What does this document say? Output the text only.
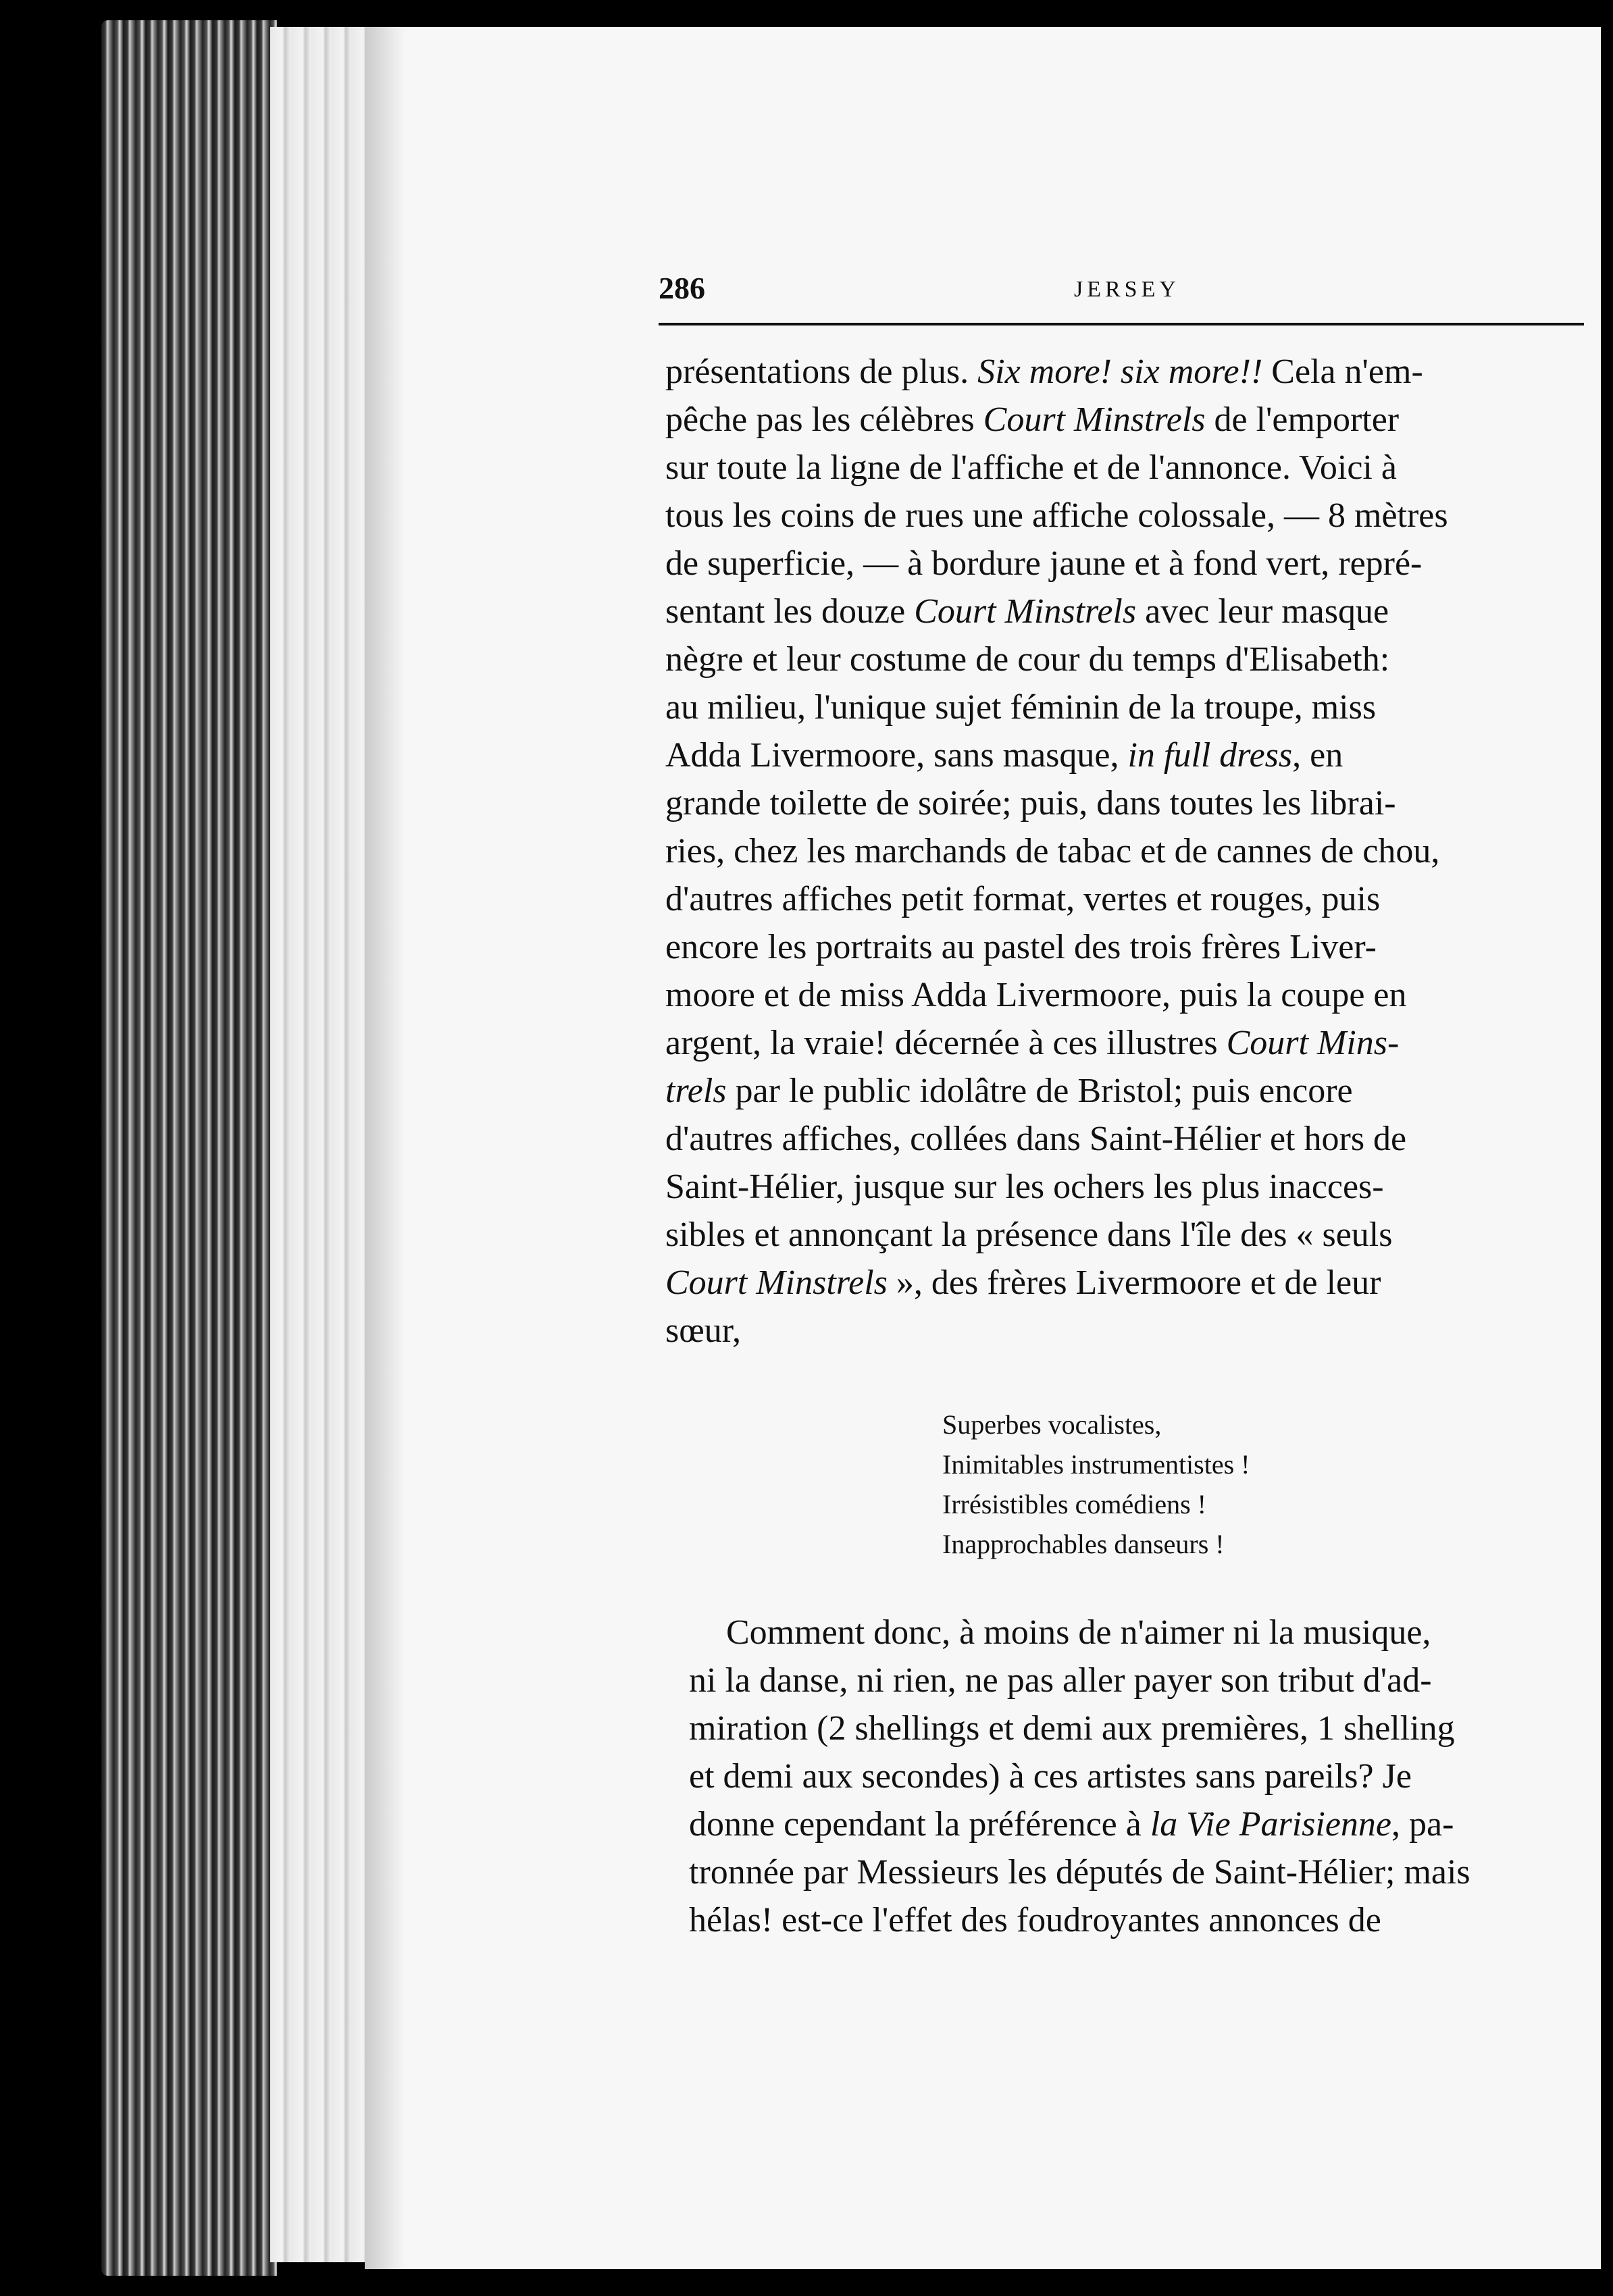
286	JERSEY
présentations de plus. Six more! six more!! Cela n'em-
pêche pas les célèbres Court Minstrels de l'emporter
sur toute la ligne de l'affiche et de l'annonce. Voici à
tous les coins de rues une affiche colossale, — 8 mètres
de superficie, — à bordure jaune et à fond vert, repré-
sentant les douze Court Minstrels avec leur masque
nègre et leur costume de cour du temps d'Elisabeth:
au milieu, l'unique sujet féminin de la troupe, miss
Adda Livermoore, sans masque, in full dress, en
grande toilette de soirée; puis, dans toutes les librai-
ries, chez les marchands de tabac et de cannes de chou,
d'autres affiches petit format, vertes et rouges, puis
encore les portraits au pastel des trois frères Liver-
moore et de miss Adda Livermoore, puis la coupe en
argent, la vraie! décernée à ces illustres Court Mins-
trels par le public idolâtre de Bristol; puis encore
d'autres affiches, collées dans Saint-Hélier et hors de
Saint-Hélier, jusque sur les ochers les plus inacces-
sibles et annonçant la présence dans l'île des « seuls
Court Minstrels », des frères Livermoore et de leur
sœur,
Superbes vocalistes,
Inimitables instrumentistes !
Irrésistibles comédiens !
Inapprochables danseurs !
Comment donc, à moins de n'aimer ni la musique,
ni la danse, ni rien, ne pas aller payer son tribut d'ad-
miration (2 shellings et demi aux premières, 1 shelling
et demi aux secondes) à ces artistes sans pareils? Je
donne cependant la préférence à la Vie Parisienne, pa-
tronnée par Messieurs les députés de Saint-Hélier; mais
hélas! est-ce l'effet des foudroyantes annonces de
